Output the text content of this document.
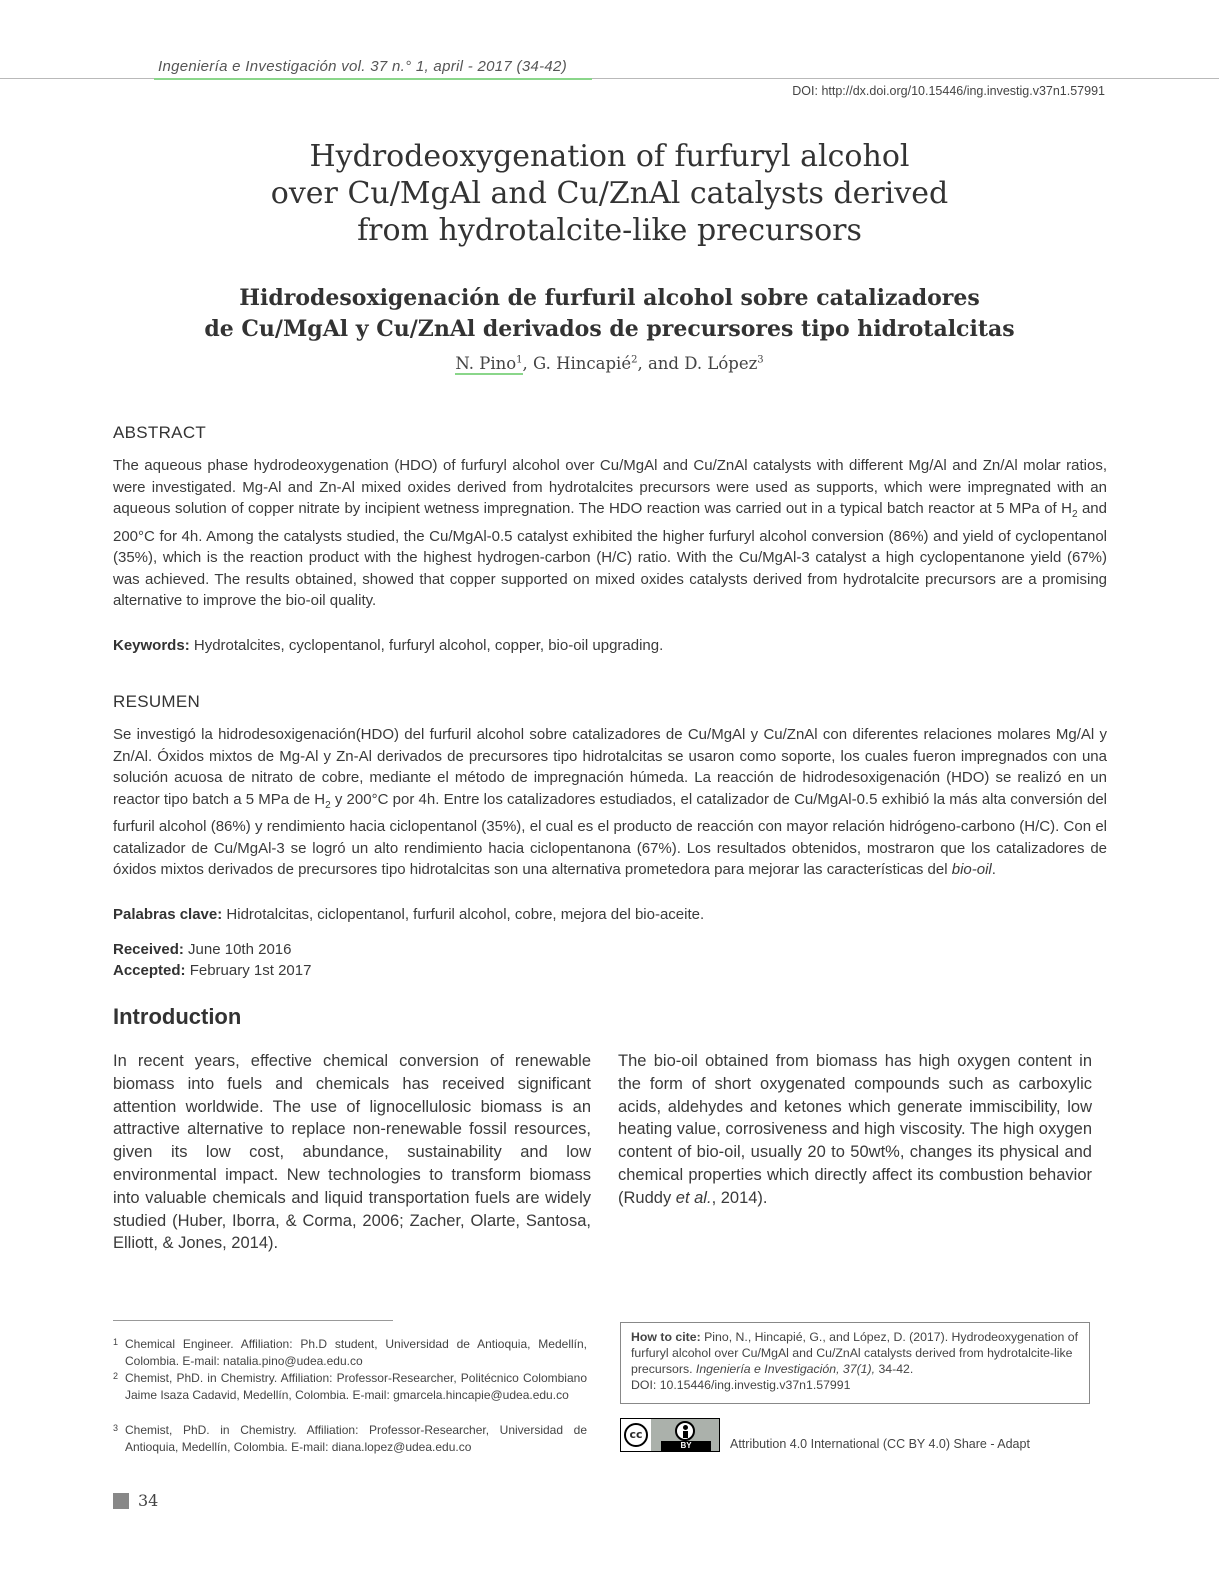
Ingeniería e Investigación vol. 37 n.° 1, april - 2017 (34-42)
DOI: http://dx.doi.org/10.15446/ing.investig.v37n1.57991
Hydrodeoxygenation of furfuryl alcohol
over Cu/MgAl and Cu/ZnAl catalysts derived
from hydrotalcite-like precursors
Hidrodesoxigenación de furfuril alcohol sobre catalizadores
de Cu/MgAl y Cu/ZnAl derivados de precursores tipo hidrotalcitas
N. Pino$^1$, G. Hincapié$^2$, and D. López$^3$
ABSTRACT
The aqueous phase hydrodeoxygenation (HDO) of furfuryl alcohol over Cu/MgAl and Cu/ZnAl catalysts with different Mg/Al and Zn/Al molar ratios, were investigated. Mg-Al and Zn-Al mixed oxides derived from hydrotalcites precursors were used as supports, which were impregnated with an aqueous solution of copper nitrate by incipient wetness impregnation. The HDO reaction was carried out in a typical batch reactor at 5 MPa of $H_2$ and 200°C for 4h. Among the catalysts studied, the Cu/MgAl-0.5 catalyst exhibited the higher furfuryl alcohol conversion (86%) and yield of cyclopentanol (35%), which is the reaction product with the highest hydrogen-carbon (H/C) ratio. With the Cu/MgAl-3 catalyst a high cyclopentanone yield (67%) was achieved. The results obtained, showed that copper supported on mixed oxides catalysts derived from hydrotalcite precursors are a promising alternative to improve the bio-oil quality.
Keywords: Hydrotalcites, cyclopentanol, furfuryl alcohol, copper, bio-oil upgrading.
RESUMEN
Se investigó la hidrodesoxigenación(HDO) del furfuril alcohol sobre catalizadores de Cu/MgAl y Cu/ZnAl con diferentes relaciones molares Mg/Al y Zn/Al. Óxidos mixtos de Mg-Al y Zn-Al derivados de precursores tipo hidrotalcitas se usaron como soporte, los cuales fueron impregnados con una solución acuosa de nitrato de cobre, mediante el método de impregnación húmeda. La reacción de hidrodesoxigenación (HDO) se realizó en un reactor tipo batch a 5 MPa de $H_2$ y 200°C por 4h. Entre los catalizadores estudiados, el catalizador de Cu/MgAl-0.5 exhibió la más alta conversión del furfuril alcohol (86%) y rendimiento hacia ciclopentanol (35%), el cual es el producto de reacción con mayor relación hidrógeno-carbono (H/C). Con el catalizador de Cu/MgAl-3 se logró un alto rendimiento hacia ciclopentanona (67%). Los resultados obtenidos, mostraron que los catalizadores de óxidos mixtos derivados de precursores tipo hidrotalcitas son una alternativa prometedora para mejorar las características del bio-oil.
Palabras clave: Hidrotalcitas, ciclopentanol, furfuril alcohol, cobre, mejora del bio-aceite.
Received: June 10th 2016
Accepted: February 1st 2017
Introduction
In recent years, effective chemical conversion of renewable biomass into fuels and chemicals has received significant attention worldwide. The use of lignocellulosic biomass is an attractive alternative to replace non-renewable fossil resources, given its low cost, abundance, sustainability and low environmental impact. New technologies to transform biomass into valuable chemicals and liquid transportation fuels are widely studied (Huber, Iborra, & Corma, 2006; Zacher, Olarte, Santosa, Elliott, & Jones, 2014).
The bio-oil obtained from biomass has high oxygen content in the form of short oxygenated compounds such as carboxylic acids, aldehydes and ketones which generate immiscibility, low heating value, corrosiveness and high viscosity. The high oxygen content of bio-oil, usually 20 to 50wt%, changes its physical and chemical properties which directly affect its combustion behavior (Ruddy et al., 2014).
1 Chemical Engineer. Affiliation: Ph.D student, Universidad de Antioquia, Medellín, Colombia. E-mail: natalia.pino@udea.edu.co
2 Chemist, PhD. in Chemistry. Affiliation: Professor-Researcher, Politécnico Colombiano Jaime Isaza Cadavid, Medellín, Colombia. E-mail: gmarcela.hincapie@udea.edu.co
3 Chemist, PhD. in Chemistry. Affiliation: Professor-Researcher, Universidad de Antioquia, Medellín, Colombia. E-mail: diana.lopez@udea.edu.co
How to cite: Pino, N., Hincapié, G., and López, D. (2017). Hydrodeoxygenation of furfuryl alcohol over Cu/MgAl and Cu/ZnAl catalysts derived from hydrotalcite-like precursors. Ingeniería e Investigación, 37(1), 34-42.
DOI: 10.15446/ing.investig.v37n1.57991
cc
BY	Attribution 4.0 International (CC BY 4.0) Share - Adapt
34
